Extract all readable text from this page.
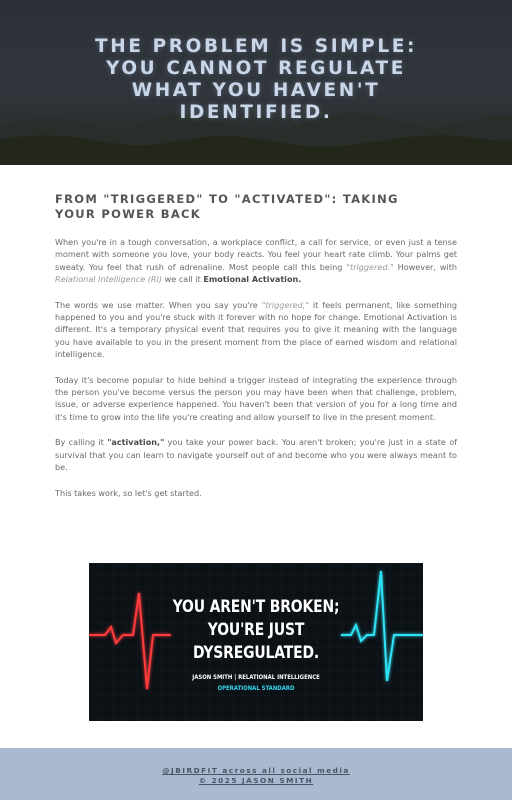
THE PROBLEM IS SIMPLE:
YOU CANNOT REGULATE
WHAT YOU HAVEN'T
IDENTIFIED.
FROM "TRIGGERED" TO "ACTIVATED": TAKING
YOUR POWER BACK

When you're in a tough conversation, a workplace conflict, a call for service, or even just a tense moment with someone you love, your body reacts. You feel your heart rate climb. Your palms get sweaty. You feel that rush of adrenaline. Most people call this being "triggered." However, with Relational Intelligence (RI) we call it Emotional Activation.

The words we use matter. When you say you're "triggered," it feels permanent, like something happened to you and you're stuck with it forever with no hope for change. Emotional Activation is different. It's a temporary physical event that requires you to give it meaning with the language you have available to you in the present moment from the place of earned wisdom and relational intelligence.

Today it's become popular to hide behind a trigger instead of integrating the experience through the person you've become versus the person you may have been when that challenge, problem, issue, or adverse experience happened. You haven't been that version of you for a long time and it's time to grow into the life you're creating and allow yourself to live in the present moment.

By calling it "activation," you take your power back. You aren't broken; you're just in a state of survival that you can learn to navigate yourself out of and become who you were always meant to be.

This takes work, so let's get started.

YOU AREN'T BROKEN;
YOU'RE JUST
DYSREGULATED.
JASON SMITH | RELATIONAL INTELLIGENCE
OPERATIONAL STANDARD
@JBIRDFIT across all social media
© 2025 JASON SMITH
